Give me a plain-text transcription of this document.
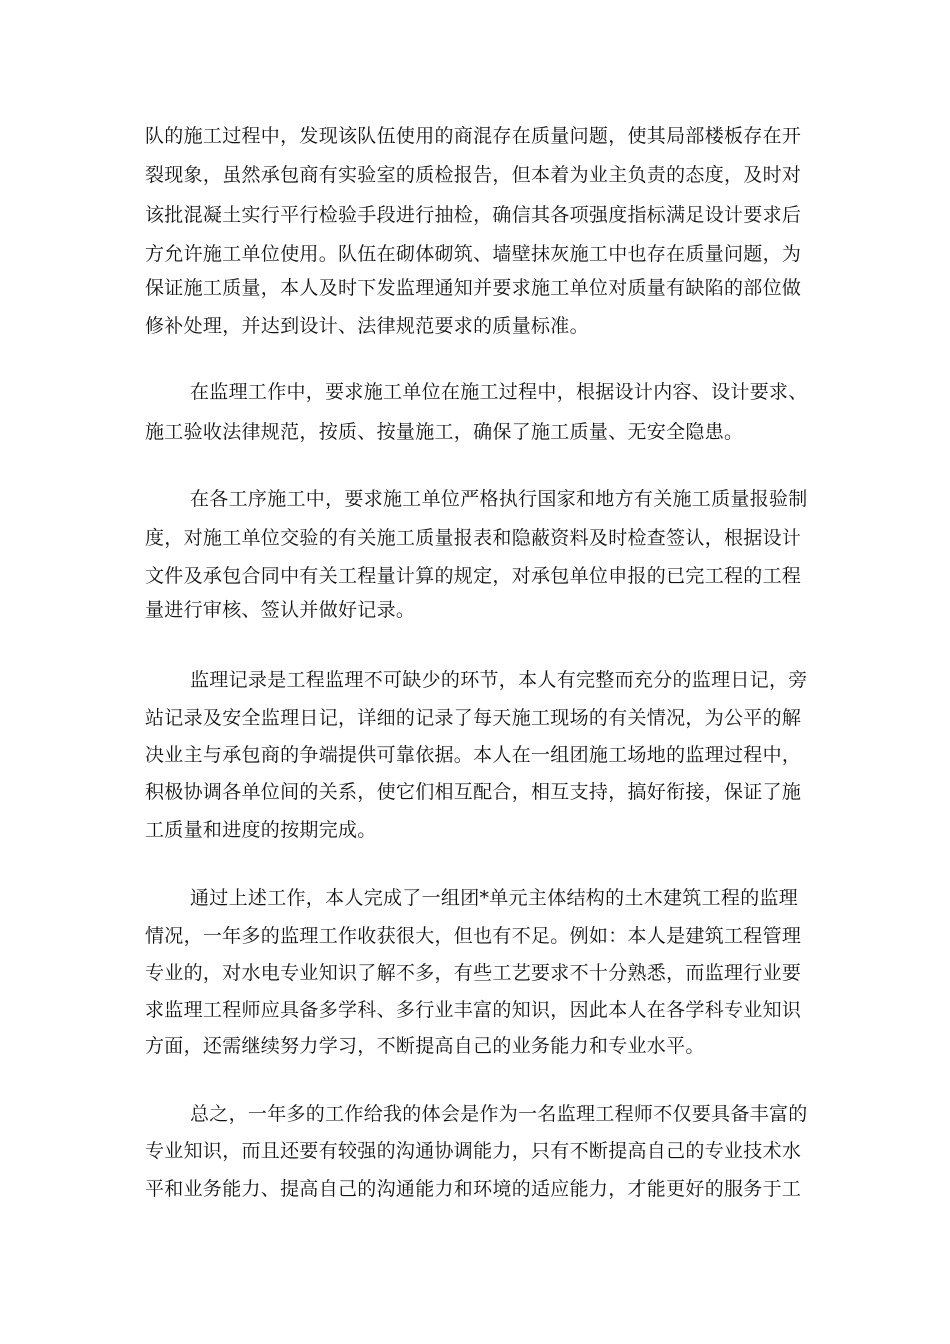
队的施工过程中，发现该队伍使用的商混存在质量问题，使其局部楼板存在开
裂现象，虽然承包商有实验室的质检报告，但本着为业主负责的态度，及时对
该批混凝土实行平行检验手段进行抽检，确信其各项强度指标满足设计要求后
方允许施工单位使用。队伍在砌体砌筑、墙壁抹灰施工中也存在质量问题，为
保证施工质量，本人及时下发监理通知并要求施工单位对质量有缺陷的部位做
修补处理，并达到设计、法律规范要求的质量标准。
在监理工作中，要求施工单位在施工过程中，根据设计内容、设计要求、
施工验收法律规范，按质、按量施工，确保了施工质量、无安全隐患。
在各工序施工中，要求施工单位严格执行国家和地方有关施工质量报验制
度，对施工单位交验的有关施工质量报表和隐蔽资料及时检查签认，根据设计
文件及承包合同中有关工程量计算的规定，对承包单位申报的已完工程的工程
量进行审核、签认并做好记录。
监理记录是工程监理不可缺少的环节，本人有完整而充分的监理日记，旁
站记录及安全监理日记，详细的记录了每天施工现场的有关情况，为公平的解
决业主与承包商的争端提供可靠依据。本人在一组团施工场地的监理过程中，
积极协调各单位间的关系，使它们相互配合，相互支持，搞好衔接，保证了施
工质量和进度的按期完成。
通过上述工作，本人完成了一组团*单元主体结构的土木建筑工程的监理
情况，一年多的监理工作收获很大，但也有不足。例如：本人是建筑工程管理
专业的，对水电专业知识了解不多，有些工艺要求不十分熟悉，而监理行业要
求监理工程师应具备多学科、多行业丰富的知识，因此本人在各学科专业知识
方面，还需继续努力学习，不断提高自己的业务能力和专业水平。
总之，一年多的工作给我的体会是作为一名监理工程师不仅要具备丰富的
专业知识，而且还要有较强的沟通协调能力，只有不断提高自己的专业技术水
平和业务能力、提高自己的沟通能力和环境的适应能力，才能更好的服务于工
